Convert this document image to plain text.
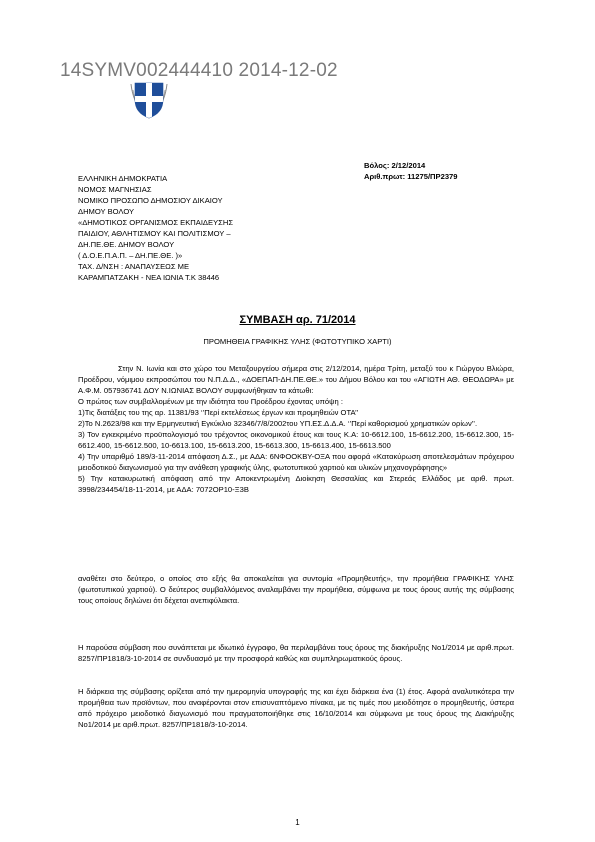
14SYMV002444410 2014-12-02
Βόλος: 2/12/2014
Αριθ.πρωτ: 11275/ΠΡ2379
ΕΛΛΗΝΙΚΗ ΔΗΜΟΚΡΑΤΙΑ
ΝΟΜΟΣ ΜΑΓΝΗΣΙΑΣ
ΝΟΜΙΚΟ ΠΡΟΣΩΠΟ ΔΗΜΟΣΙΟΥ ΔΙΚΑΙΟΥ
ΔΗΜΟΥ ΒΟΛΟΥ
«ΔΗΜΟΤΙΚΟΣ ΟΡΓΑΝΙΣΜΟΣ ΕΚΠΑΙΔΕΥΣΗΣ
ΠΑΙΔΙΟΥ, ΑΘΛΗΤΙΣΜΟΥ ΚΑΙ ΠΟΛΙΤΙΣΜΟΥ –
ΔΗ.ΠΕ.ΘΕ. ΔΗΜΟΥ ΒΟΛΟΥ
( Δ.Ο.Ε.Π.Α.Π. – ΔΗ.ΠΕ.ΘΕ. )»
ΤΑΧ. Δ/ΝΣΗ : ΑΝΑΠΑΥΣΕΩΣ ΜΕ
ΚΑΡΑΜΠΑΤΖΑΚΗ - ΝΕΑ ΙΩΝΙΑ Τ.Κ 38446
ΣΥΜΒΑΣΗ αρ. 71/2014
ΠΡΟΜΗΘΕΙΑ ΓΡΑΦΙΚΗΣ ΥΛΗΣ (ΦΩΤΟΤΥΠΙΚΟ ΧΑΡΤΙ)

Στην Ν. Ιωνία και στο χώρο του Μεταξουργείου σήμερα στις 2/12/2014, ημέρα Τρίτη, μεταξύ του κ Γιώργου Βλιώρα, Προέδρου, νόμιμου εκπροσώπου του Ν.Π.Δ.Δ., «ΔΟΕΠΑΠ-ΔΗ.ΠΕ.ΘΕ.» του Δήμου Βόλου και του «ΑΓΙΩΤΗ ΑΘ. ΘΕΟΔΩΡΑ» με Α.Φ.Μ. 057936741 ΔΟΥ Ν.ΙΩΝΙΑΣ ΒΟΛΟΥ συμφωνήθηκαν τα κάτωθι:

Ο πρώτος των συμβαλλομένων με την ιδιότητα του Προέδρου έχοντας υπόψη :

1)Τις διατάξεις του της αρ. 11381/93 ‘’Περί εκτελέσεως έργων και προμηθειών ΟΤΑ’’

2)Το Ν.2623/98 και την Ερμηνευτική Εγκύκλιο 32346/7/8/2002του ΥΠ.ΕΣ.Δ.Δ.Α. ‘’Περί καθορισμού χρηματικών ορίων’’.

3) Τον εγκεκριμένο προϋπολογισμό του τρέχοντος οικονομικού έτους και τους Κ.Α: 10-6612.100, 15-6612.200, 15-6612.300, 15-6612.400, 15-6612.500, 10-6613.100, 15-6613.200, 15-6613.300, 15-6613.400, 15-6613.500

4) Την υπαριθμό 189/3-11-2014 απόφαση Δ.Σ., με ΑΔΑ: 6ΝΦΟΟΚΒΥ-ΟΞΑ που αφορά «Κατακύρωση αποτελεσμάτων πρόχειρου μειοδοτικού διαγωνισμού για την ανάθεση γραφικής ύλης, φωτοτυπικού χαρτιού και υλικών μηχανογράφησης»

5) Την κατακυρωτική απόφαση από την Αποκεντρωμένη Διοίκηση Θεσσαλίας και Στερεάς Ελλάδος με αριθ. πρωτ. 3998/234454/18-11-2014, με ΑΔΑ: 7072ΟΡ10-Ξ3Β

αναθέτει στο δεύτερο, ο οποίος στο εξής θα αποκαλείται για συντομία «Προμηθευτής», την προμήθεια ΓΡΑΦΙΚΗΣ ΥΛΗΣ (φωτοτυπικού χαρτιού). Ο δεύτερος συμβαλλόμενος αναλαμβάνει την προμήθεια, σύμφωνα με τους όρους αυτής της σύμβασης τους οποίους δηλώνει ότι δέχεται ανεπιφύλακτα.
Η παρούσα σύμβαση που συνάπτεται με ιδιωτικό έγγραφο, θα περιλαμβάνει τους όρους της διακήρυξης Νο1/2014 με αριθ.πρωτ. 8257/ΠΡ1818/3-10-2014 σε συνδυασμό με την προσφορά καθώς και συμπληρωματικούς όρους.
Η διάρκεια της σύμβασης ορίζεται από την ημερομηνία υπογραφής της και έχει διάρκεια ένα (1) έτος. Αφορά αναλυτικότερα την προμήθεια των προϊόντων, που αναφέρονται στον επισυναπτόμενο πίνακα, με τις τιμές που μειοδότησε ο προμηθευτής, ύστερα από πρόχειρο μειοδοτικό διαγωνισμό που πραγματοποιήθηκε στις 16/10/2014 και σύμφωνα με τους όρους της Διακήρυξης Νο1/2014 με αριθ.πρωτ. 8257/ΠΡ1818/3-10-2014.
1
